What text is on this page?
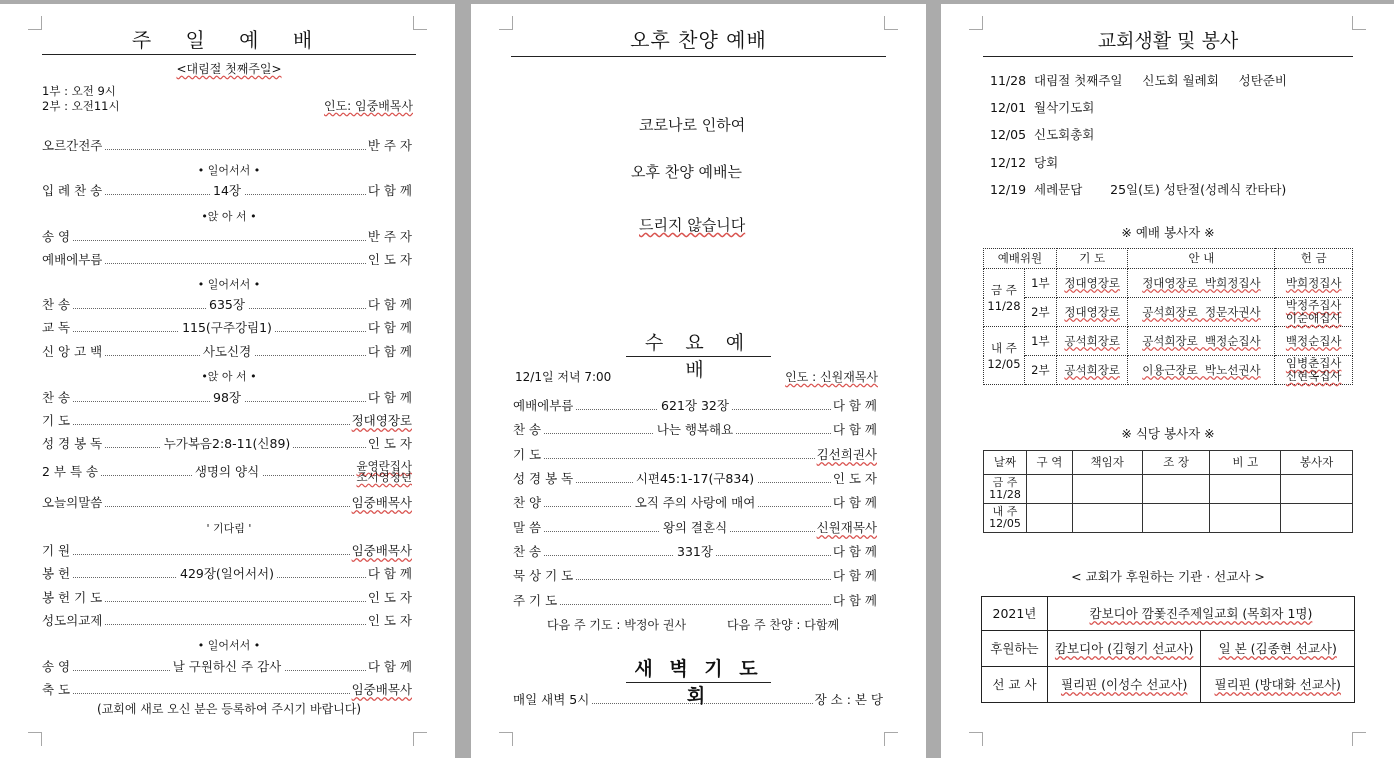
주 일 예 배
<대림절 첫째주일>
1부 : 오전 9시
2부 : 오전11시	인도: 임중배목사
오르간전주	반 주 자
입 례 찬 송	14장	다 함 께
송 영	반 주 자
예배에부름	인 도 자
찬 송	635장	다 함 께
교 독	115(구주강림1)	다 함 께
신 앙 고 백	사도신경	다 함 께
찬 송	98장	다 함 께
기 도	정대영장로
성 경 봉 독	누가복음2:8-11(신89)	인 도 자
2 부 특 송	생명의 양식	윤영란집사
조서영청년
오늘의말씀	임중배목사
기 원	임중배목사
봉 헌	429장(일어서서)	다 함 께
봉 헌 기 도	인 도 자
성도의교제	인 도 자
송 영	날 구원하신 주 감사	다 함 께
축 도	임중배목사
(교회에 새로 오신 분은 등록하여 주시기 바랍니다)
• 일어서서 •
•앉 아 서 •
• 일어서서 •
•앉 아 서 •
' 기다림 '
• 일어서서 •
오후 찬양 예배
코로나로 인하여
오후 찬양 예배는
드리지 않습니다
수 요 예 배
12/1일 저녁 7:00	인도 : 신원재목사
예배에부름	621장 32장	다 함 께
찬 송	나는 행복해요	다 함 께
기 도	김선희권사
성 경 봉 독	시편45:1-17(구834)	인 도 자
찬 양	오직 주의 사랑에 매여	다 함 께
말 씀	왕의 결혼식	신원재목사
찬 송	331장	다 함 께
묵 상 기 도	다 함 께
주 기 도	다 함 께
다음 주 기도 : 박정아 권사	다음 주 찬양 : 다함께
새 벽 기 도 회
매일 새벽 5시	장 소 : 본 당
교회생활 및 봉사
※ 예배 봉사자 ※
예배위원		기 도	안 내	헌 금

금 주
11/28	1부	정대영장로	정대영장로  박희정집사	박희정집사
	2부	정대영장로	공석희장로  정문자권사	박정주집사 이순애집사

내 주
12/05	1부	공석희장로	공석희장로  백정순집사	백정순집사
	2부	공석희장로	이용근장로  박노선권사	임병춘집사 신현옥집사
※ 식당 봉사자 ※
날짜	구 역	책임자	조 장	비 고	봉사자

금 주
11/28					

내 주
12/05					

< 교회가 후원하는 기관 · 선교사 >
2021년	캄보디아 깜퐃진주제일교회 (목회자 1명)	
후원하는	캄보디아 (김형기 선교사)	일 본 (김종현 선교사)
선 교 사	필리핀 (이성수 선교사)	필리핀 (방대화 선교사)
11/28 대림절 첫째주일     신도회 월례회     성탄준비
12/01 월삭기도회
12/05 신도회총회
12/12 당회
12/19 세례문답       25일(토) 성탄절(성례식 칸타타)
